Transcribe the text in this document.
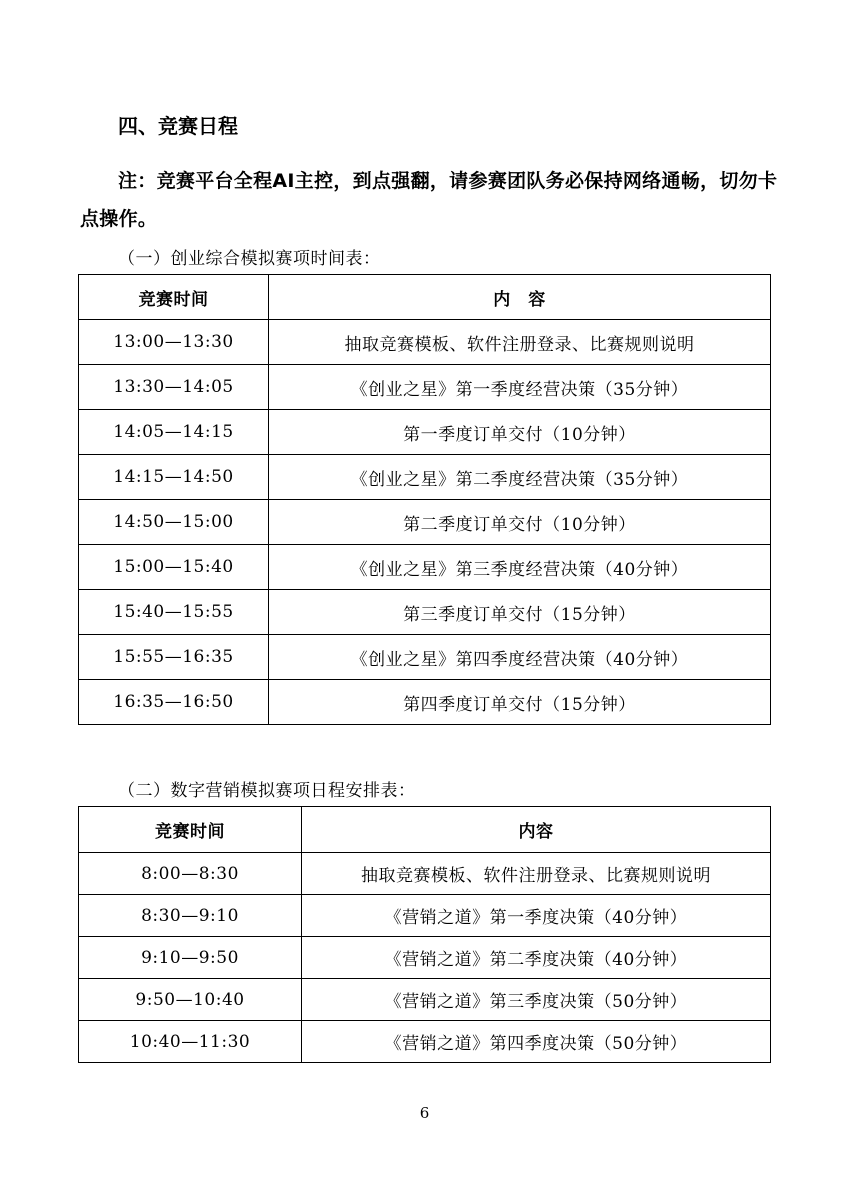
四、竞赛日程
注：竞赛平台全程AI主控，到点强翻，请参赛团队务必保持网络通畅，切勿卡点操作。
（一）创业综合模拟赛项时间表：
竞赛时间	内　容
13:00—13:30	抽取竞赛模板、软件注册登录、比赛规则说明
13:30—14:05	《创业之星》第一季度经营决策（35分钟）
14:05—14:15	第一季度订单交付（10分钟）
14:15—14:50	《创业之星》第二季度经营决策（35分钟）
14:50—15:00	第二季度订单交付（10分钟）
15:00—15:40	《创业之星》第三季度经营决策（40分钟）
15:40—15:55	第三季度订单交付（15分钟）
15:55—16:35	《创业之星》第四季度经营决策（40分钟）
16:35—16:50	第四季度订单交付（15分钟）
（二）数字营销模拟赛项日程安排表：
竞赛时间	内容
8:00—8:30	抽取竞赛模板、软件注册登录、比赛规则说明
8:30—9:10	《营销之道》第一季度决策（40分钟）
9:10—9:50	《营销之道》第二季度决策（40分钟）
9:50—10:40	《营销之道》第三季度决策（50分钟）
10:40—11:30	《营销之道》第四季度决策（50分钟）
6
